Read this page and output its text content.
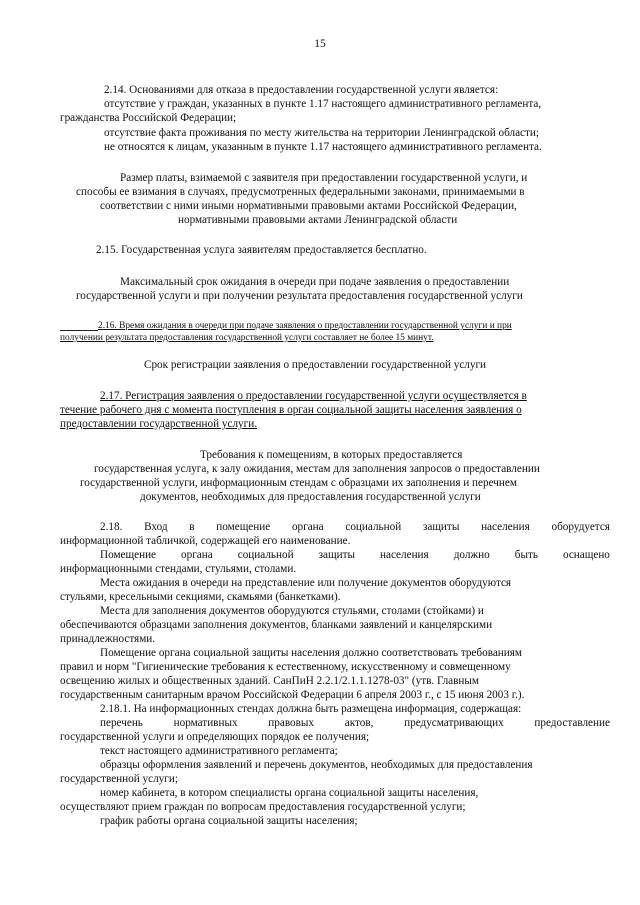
15
2.14. Основаниями для отказа в предоставлении государственной услуги является:
отсутствие у граждан, указанных в пункте 1.17 настоящего административного регламента,
гражданства Российской Федерации;
отсутствие факта проживания по месту жительства на территории Ленинградской области;
не относятся к лицам, указанным в пункте 1.17 настоящего административного регламента.
Размер платы, взимаемой с заявителя при предоставлении государственной услуги, и
способы ее взимания в случаях, предусмотренных федеральными законами, принимаемыми в
соответствии с ними иными нормативными правовыми актами Российской Федерации,
нормативными правовыми актами Ленинградской области
2.15. Государственная услуга заявителям предоставляется бесплатно.
Максимальный срок ожидания в очереди при подаче заявления о предоставлении
государственной услуги и при получении результата предоставления государственной услуги
2.16. Время ожидания в очереди при подаче заявления о предоставлении государственной услуги и при
получении результата предоставления государственной услуги составляет не более 15 минут.
Срок регистрации заявления о предоставлении государственной услуги
2.17. Регистрация заявления о предоставлении государственной услуги осуществляется в
течение рабочего дня с момента поступления в орган социальной защиты населения заявления о
предоставлении государственной услуги.
Требования к помещениям, в которых предоставляется
государственная услуга, к залу ожидания, местам для заполнения запросов о предоставлении
государственной услуги, информационным стендам с образцами их заполнения и перечнем
документов, необходимых для предоставления государственной услуги
2.18. Вход в помещение органа социальной защиты населения оборудуется
информационной табличкой, содержащей его наименование.
Помещение органа социальной защиты населения должно быть оснащено
информационными стендами, стульями, столами.
Места ожидания в очереди на представление или получение документов оборудуются
стульями, кресельными секциями, скамьями (банкетками).
Места для заполнения документов оборудуются стульями, столами (стойками) и
обеспечиваются образцами заполнения документов, бланками заявлений и канцелярскими
принадлежностями.
Помещение органа социальной защиты населения должно соответствовать требованиям
правил и норм "Гигиенические требования к естественному, искусственному и совмещенному
освещению жилых и общественных зданий. СанПиН 2.2.1/2.1.1.1278-03" (утв. Главным
государственным санитарным врачом Российской Федерации 6 апреля 2003 г., с 15 июня 2003 г.).
2.18.1. На информационных стендах должна быть размещена информация, содержащая:
перечень	нормативных	правовых	актов,	предусматривающих	предоставление
государственной услуги и определяющих порядок ее получения;
текст настоящего административного регламента;
образцы оформления заявлений и перечень документов, необходимых для предоставления
государственной услуги;
номер кабинета, в котором специалисты органа социальной защиты населения,
осуществляют прием граждан по вопросам предоставления государственной услуги;
график работы органа социальной защиты населения;
